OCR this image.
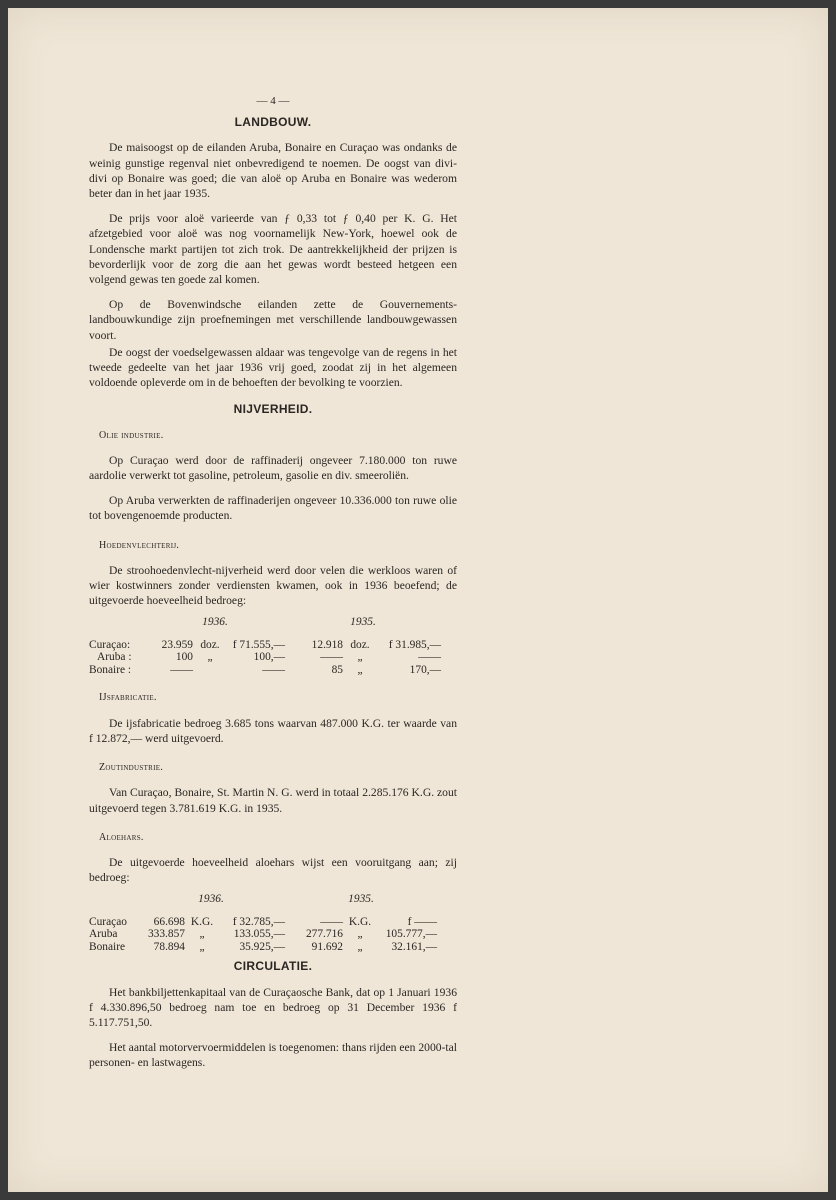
— 4 —
LANDBOUW.

De maisoogst op de eilanden Aruba, Bonaire en Curaçao was ondanks de weinig gunstige regenval niet onbevredigend te noemen. De oogst van divi-divi op Bonaire was goed; die van aloë op Aruba en Bonaire was wederom beter dan in het jaar 1935.

De prijs voor aloë varieerde van ƒ 0,33 tot ƒ 0,40 per K. G. Het afzetgebied voor aloë was nog voornamelijk New-York, hoewel ook de Londensche markt partijen tot zich trok. De aantrekkelijkheid der prijzen is bevorderlijk voor de zorg die aan het gewas wordt besteed hetgeen een volgend gewas ten goede zal komen.

Op de Bovenwindsche eilanden zette de Gouvernements-landbouwkundige zijn proefnemingen met verschillende landbouwgewassen voort.

De oogst der voedselgewassen aldaar was tengevolge van de regens in het tweede gedeelte van het jaar 1936 vrij goed, zoodat zij in het algemeen voldoende opleverde om in de behoeften der bevolking te voorzien.

NIJVERHEID.
Olie industrie.

Op Curaçao werd door de raffinaderij ongeveer 7.180.000 ton ruwe aardolie verwerkt tot gasoline, petroleum, gasolie en div. smeeroliën.

Op Aruba verwerkten de raffinaderijen ongeveer 10.336.000 ton ruwe olie tot bovengenoemde producten.

Hoedenvlechterij.

De stroohoedenvlecht-nijverheid werd door velen die werkloos waren of wier kostwinners zonder verdiensten kwamen, ook in 1936 beoefend; de uitgevoerde hoeveelheid bedroeg:

	1936.			1935.		
Curaçao:	23.959	doz.	f 71.555,—	12.918	doz.	f 31.985,—
Aruba :	100	„	100,—	——	„	——
Bonaire :	——		——	85	„	170,—
IJsfabricatie.

De ijsfabricatie bedroeg 3.685 tons waarvan 487.000 K.G. ter waarde van f 12.872,— werd uitgevoerd.

Zoutindustrie.

Van Curaçao, Bonaire, St. Martin N. G. werd in totaal 2.285.176 K.G. zout uitgevoerd tegen 3.781.619 K.G. in 1935.

Aloehars.

De uitgevoerde hoeveelheid aloehars wijst een vooruitgang aan; zij bedroeg:

	1936.			1935.		
Curaçao	66.698	K.G.	f 32.785,—	——	K.G.	f ——
Aruba	333.857	„	133.055,—	277.716	„	105.777,—
Bonaire	78.894	„	35.925,—	91.692	„	32.161,—
CIRCULATIE.

Het bankbiljettenkapitaal van de Curaçaosche Bank, dat op 1 Januari 1936 f 4.330.896,50 bedroeg nam toe en bedroeg op 31 December 1936 f 5.117.751,50.

Het aantal motorvervoermiddelen is toegenomen: thans rijden een 2000-tal personen- en lastwagens.
